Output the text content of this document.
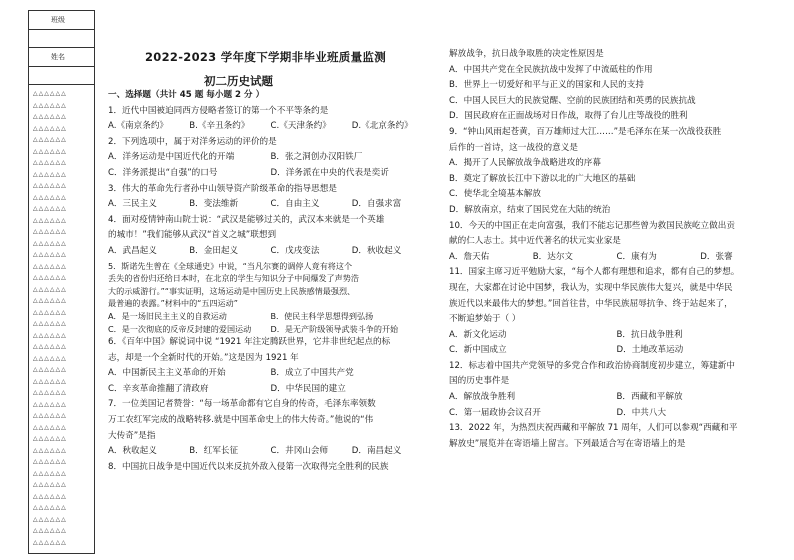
班级
姓名
△△△△△△
△△△△△△
△△△△△△
△△△△△△
△△△△△△
△△△△△△
△△△△△△
△△△△△△
△△△△△△
△△△△△△
△△△△△△
△△△△△△
△△△△△△
△△△△△△
△△△△△△
△△△△△△
△△△△△△
△△△△△△
△△△△△△
△△△△△△
△△△△△△
△△△△△△
△△△△△△
△△△△△△
△△△△△△
△△△△△△
△△△△△△
△△△△△△
△△△△△△
△△△△△△
△△△△△△
△△△△△△
△△△△△△
△△△△△△
△△△△△△
△△△△△△
△△△△△△
△△△△△△
△△△△△△
△△△△△△
2022-2023 学年度下学期非毕业班质量监测
初二历史试题
一、选择题（共计 45 题 每小题 2 分 ）
1．近代中国被迫同西方侵略者签订的第一个不平等条约是
A.《南京条约》	B.《辛丑条约》	C.《天津条约》	D.《北京条约》
2．下列选项中，属于对洋务运动的评价的是
A．洋务运动是中国近代化的开端	B．张之洞创办汉阳铁厂
C．洋务派提出“自强”的口号	D．洋务派在中央的代表是奕䜣
3．伟大的革命先行者孙中山领导资产阶级革命的指导思想是
A．三民主义	B．变法维新	C．自由主义	D．自强求富
4．面对疫情钟南山院士说：“武汉是能够过关的，武汉本来就是一个英雄
的城市！”我们能够从武汉“首义之城”联想到
A．武昌起义	B．金田起义	C．戊戌变法	D．秋收起义
5．斯诺先生曾在《全球通史》中说，“当凡尔赛的调停人竟有将这个
丢失的省份归还给日本时，在北京的学生与知识分子中间爆发了声势浩
大的示威游行。”“事实证明，这场运动是中国历史上民族感情最强烈、
最普遍的表露。”材料中的“五四运动”
A．是一场旧民主主义的自救运动	B．使民主科学思想得到弘扬
C．是一次彻底的反帝反封建的爱国运动	D．是无产阶级领导武装斗争的开始
6．《百年中国》解说词中说 “1921 年注定腾跃世界，它井非世纪起点的标
志，却是一个全新时代的开始。”这是因为 1921 年
A．中国新民主主义革命的开始	B．成立了中国共产党
C．辛亥革命推翻了清政府	D．中华民国的建立
7．一位美国记者赞誉：“每一场革命都有它自身的传奇，毛泽东率领数
万工农红军完成的战略转移.就是中国革命史上的伟大传奇。”他说的“伟
大传奇”是指
A．秋收起义	B．红军长征	C．井冈山会师	D．南昌起义
8．中国抗日战争是中国近代以来反抗外敌入侵第一次取得完全胜利的民族
解放战争，抗日战争取胜的决定性原因是
A．中国共产党在全民族抗战中发挥了中流砥柱的作用
B．世界上一切爱好和平与正义的国家和人民的支持
C．中国人民巨大的民族觉醒、空前的民族团结和英勇的民族抗战
D．国民政府在正面战场对日作战，取得了台儿庄等战役的胜利
9．“钟山风雨起苍黄，百万雄师过大江……”是毛泽东在某一次战役获胜
后作的一首诗，这一战役的意义是
A．揭开了人民解放战争战略进攻的序幕
B．奠定了解放长江中下游以北的广大地区的基础
C．使华北全境基本解放
D．解放南京，结束了国民党在大陆的统治
10．今天的中国正在走向富强，我们不能忘记那些曾为救国民族屹立做出贡
献的仁人志士。其中近代著名的状元实业家是
A．詹天佑	B．达尔文	C．康有为	D．张謇
11．国家主席习近平勉励大家，“每个人都有理想和追求，都有自己的梦想。
现在，大家都在讨论中国梦，我认为，实现中华民族伟大复兴，就是中华民
族近代以来最伟大的梦想。”回首往昔，中华民族屈辱抗争、终于站起来了，
不断追梦始于（ ）
A．新文化运动	B．抗日战争胜利
C．新中国成立	D．土地改革运动
12．标志着中国共产党领导的多党合作和政治协商制度初步建立，筹建新中
国的历史事件是
A．解放战争胜利	B．西藏和平解放
C．第一届政协会议召开	D．中共八大
13．2022 年，为热烈庆祝西藏和平解放 71 周年，人们可以参观“西藏和平
解放史”展览并在寄语墙上留言。下列最适合写在寄语墙上的是
